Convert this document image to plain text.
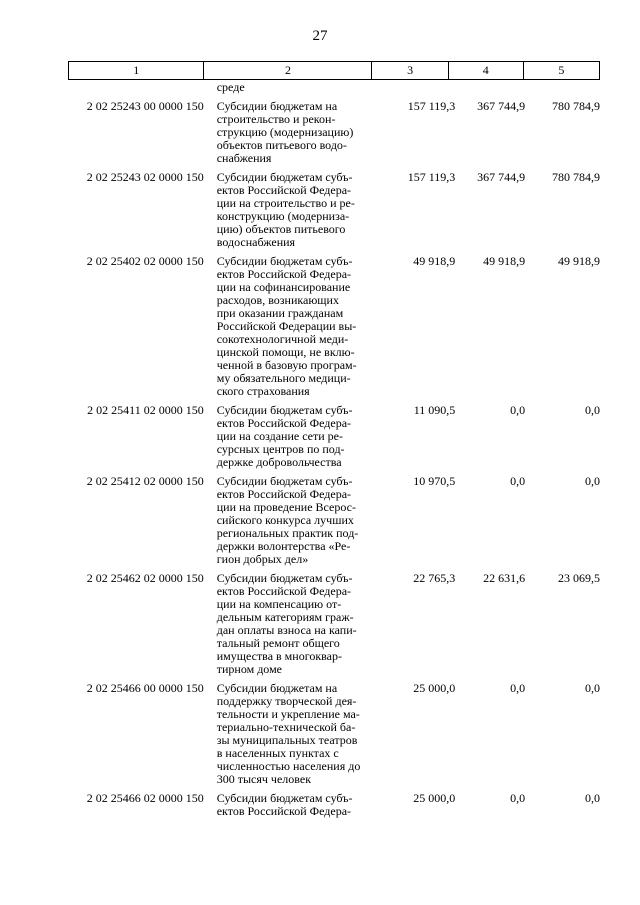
27
1	2	3	4	5
среде
2 02 25243 00 0000 150 Субсидии бюджетам на
строительство и рекон-
струкцию (модернизацию)
объектов питьевого водо-
снабжения
157 119,3	367 744,9	780 784,9
2 02 25243 02 0000 150 Субсидии бюджетам субъ-
ектов Российской Федера-
ции на строительство и ре-
конструкцию (модерниза-
цию) объектов питьевого
водоснабжения
157 119,3	367 744,9	780 784,9
2 02 25402 02 0000 150 Субсидии бюджетам субъ-
ектов Российской Федера-
ции на софинансирование
расходов, возникающих
при оказании гражданам
Российской Федерации вы-
сокотехнологичной меди-
цинской помощи, не вклю-
ченной в базовую програм-
му обязательного медици-
ского страхования
49 918,9	49 918,9	49 918,9
2 02 25411 02 0000 150 Субсидии бюджетам субъ-
ектов Российской Федера-
ции на создание сети ре-
сурсных центров по под-
держке добровольчества
11 090,5	0,0	0,0
2 02 25412 02 0000 150 Субсидии бюджетам субъ-
ектов Российской Федера-
ции на проведение Всерос-
сийского конкурса лучших
региональных практик под-
держки волонтерства «Ре-
гион добрых дел»
10 970,5	0,0	0,0
2 02 25462 02 0000 150 Субсидии бюджетам субъ-
ектов Российской Федера-
ции на компенсацию от-
дельным категориям граж-
дан оплаты взноса на капи-
тальный ремонт общего
имущества в многоквар-
тирном доме
22 765,3	22 631,6	23 069,5
2 02 25466 00 0000 150 Субсидии бюджетам на
поддержку творческой дея-
тельности и укрепление ма-
териально-технической ба-
зы муниципальных театров
в населенных пунктах с
численностью населения до
300 тысяч человек
25 000,0	0,0	0,0
2 02 25466 02 0000 150 Субсидии бюджетам субъ-
ектов Российской Федера-
25 000,0	0,0	0,0
